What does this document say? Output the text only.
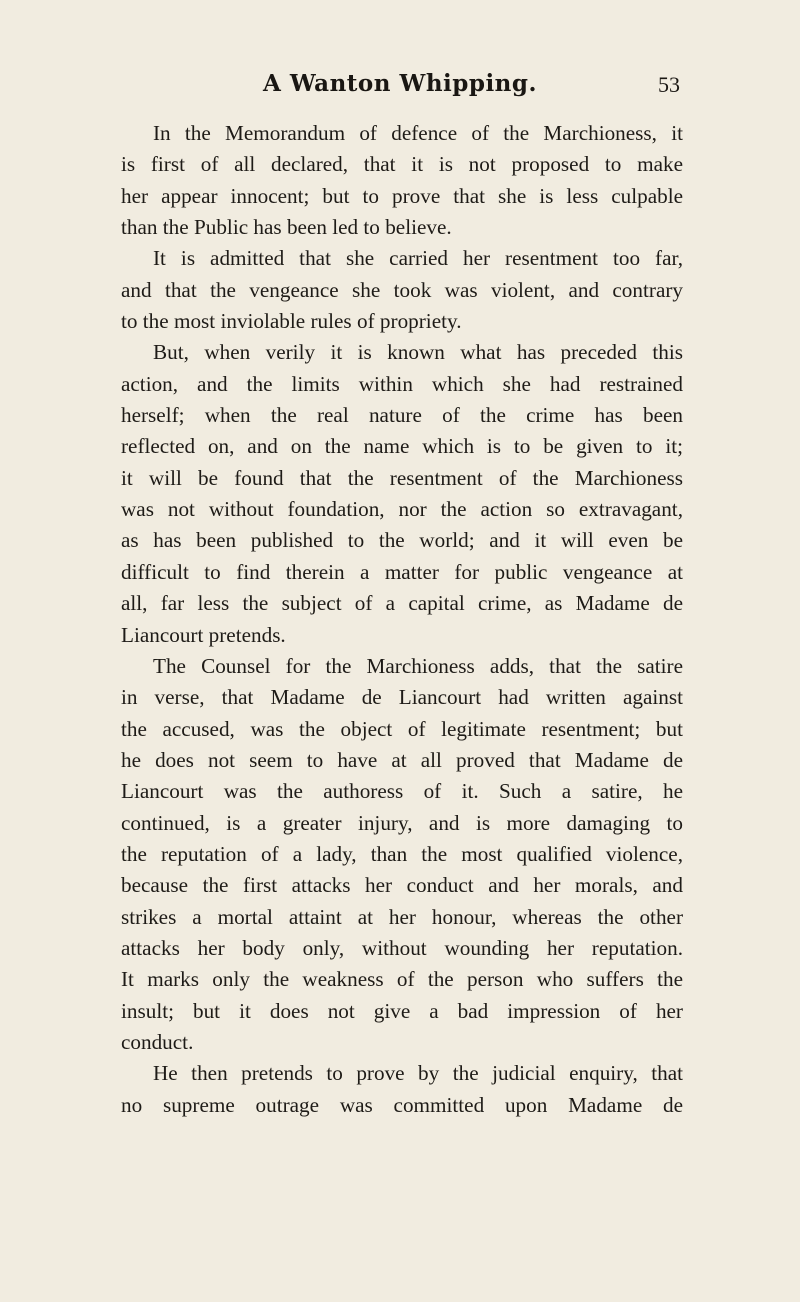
A Wanton Whipping.	53
In the Memorandum of defence of the Marchioness, it
is first of all declared, that it is not proposed to make
her appear innocent; but to prove that she is less culpable
than the Public has been led to believe.
It is admitted that she carried her resentment too far,
and that the vengeance she took was violent, and contrary
to the most inviolable rules of propriety.
But, when verily it is known what has preceded this
action, and the limits within which she had restrained
herself; when the real nature of the crime has been
reflected on, and on the name which is to be given to it;
it will be found that the resentment of the Marchioness
was not without foundation, nor the action so extravagant,
as has been published to the world; and it will even be
difficult to find therein a matter for public vengeance at
all, far less the subject of a capital crime, as Madame de
Liancourt pretends.
The Counsel for the Marchioness adds, that the satire
in verse, that Madame de Liancourt had written against
the accused, was the object of legitimate resentment; but
he does not seem to have at all proved that Madame de
Liancourt was the authoress of it. Such a satire, he
continued, is a greater injury, and is more damaging to
the reputation of a lady, than the most qualified violence,
because the first attacks her conduct and her morals, and
strikes a mortal attaint at her honour, whereas the other
attacks her body only, without wounding her reputation.
It marks only the weakness of the person who suffers the
insult; but it does not give a bad impression of her
conduct.
He then pretends to prove by the judicial enquiry, that
no supreme outrage was committed upon Madame de
